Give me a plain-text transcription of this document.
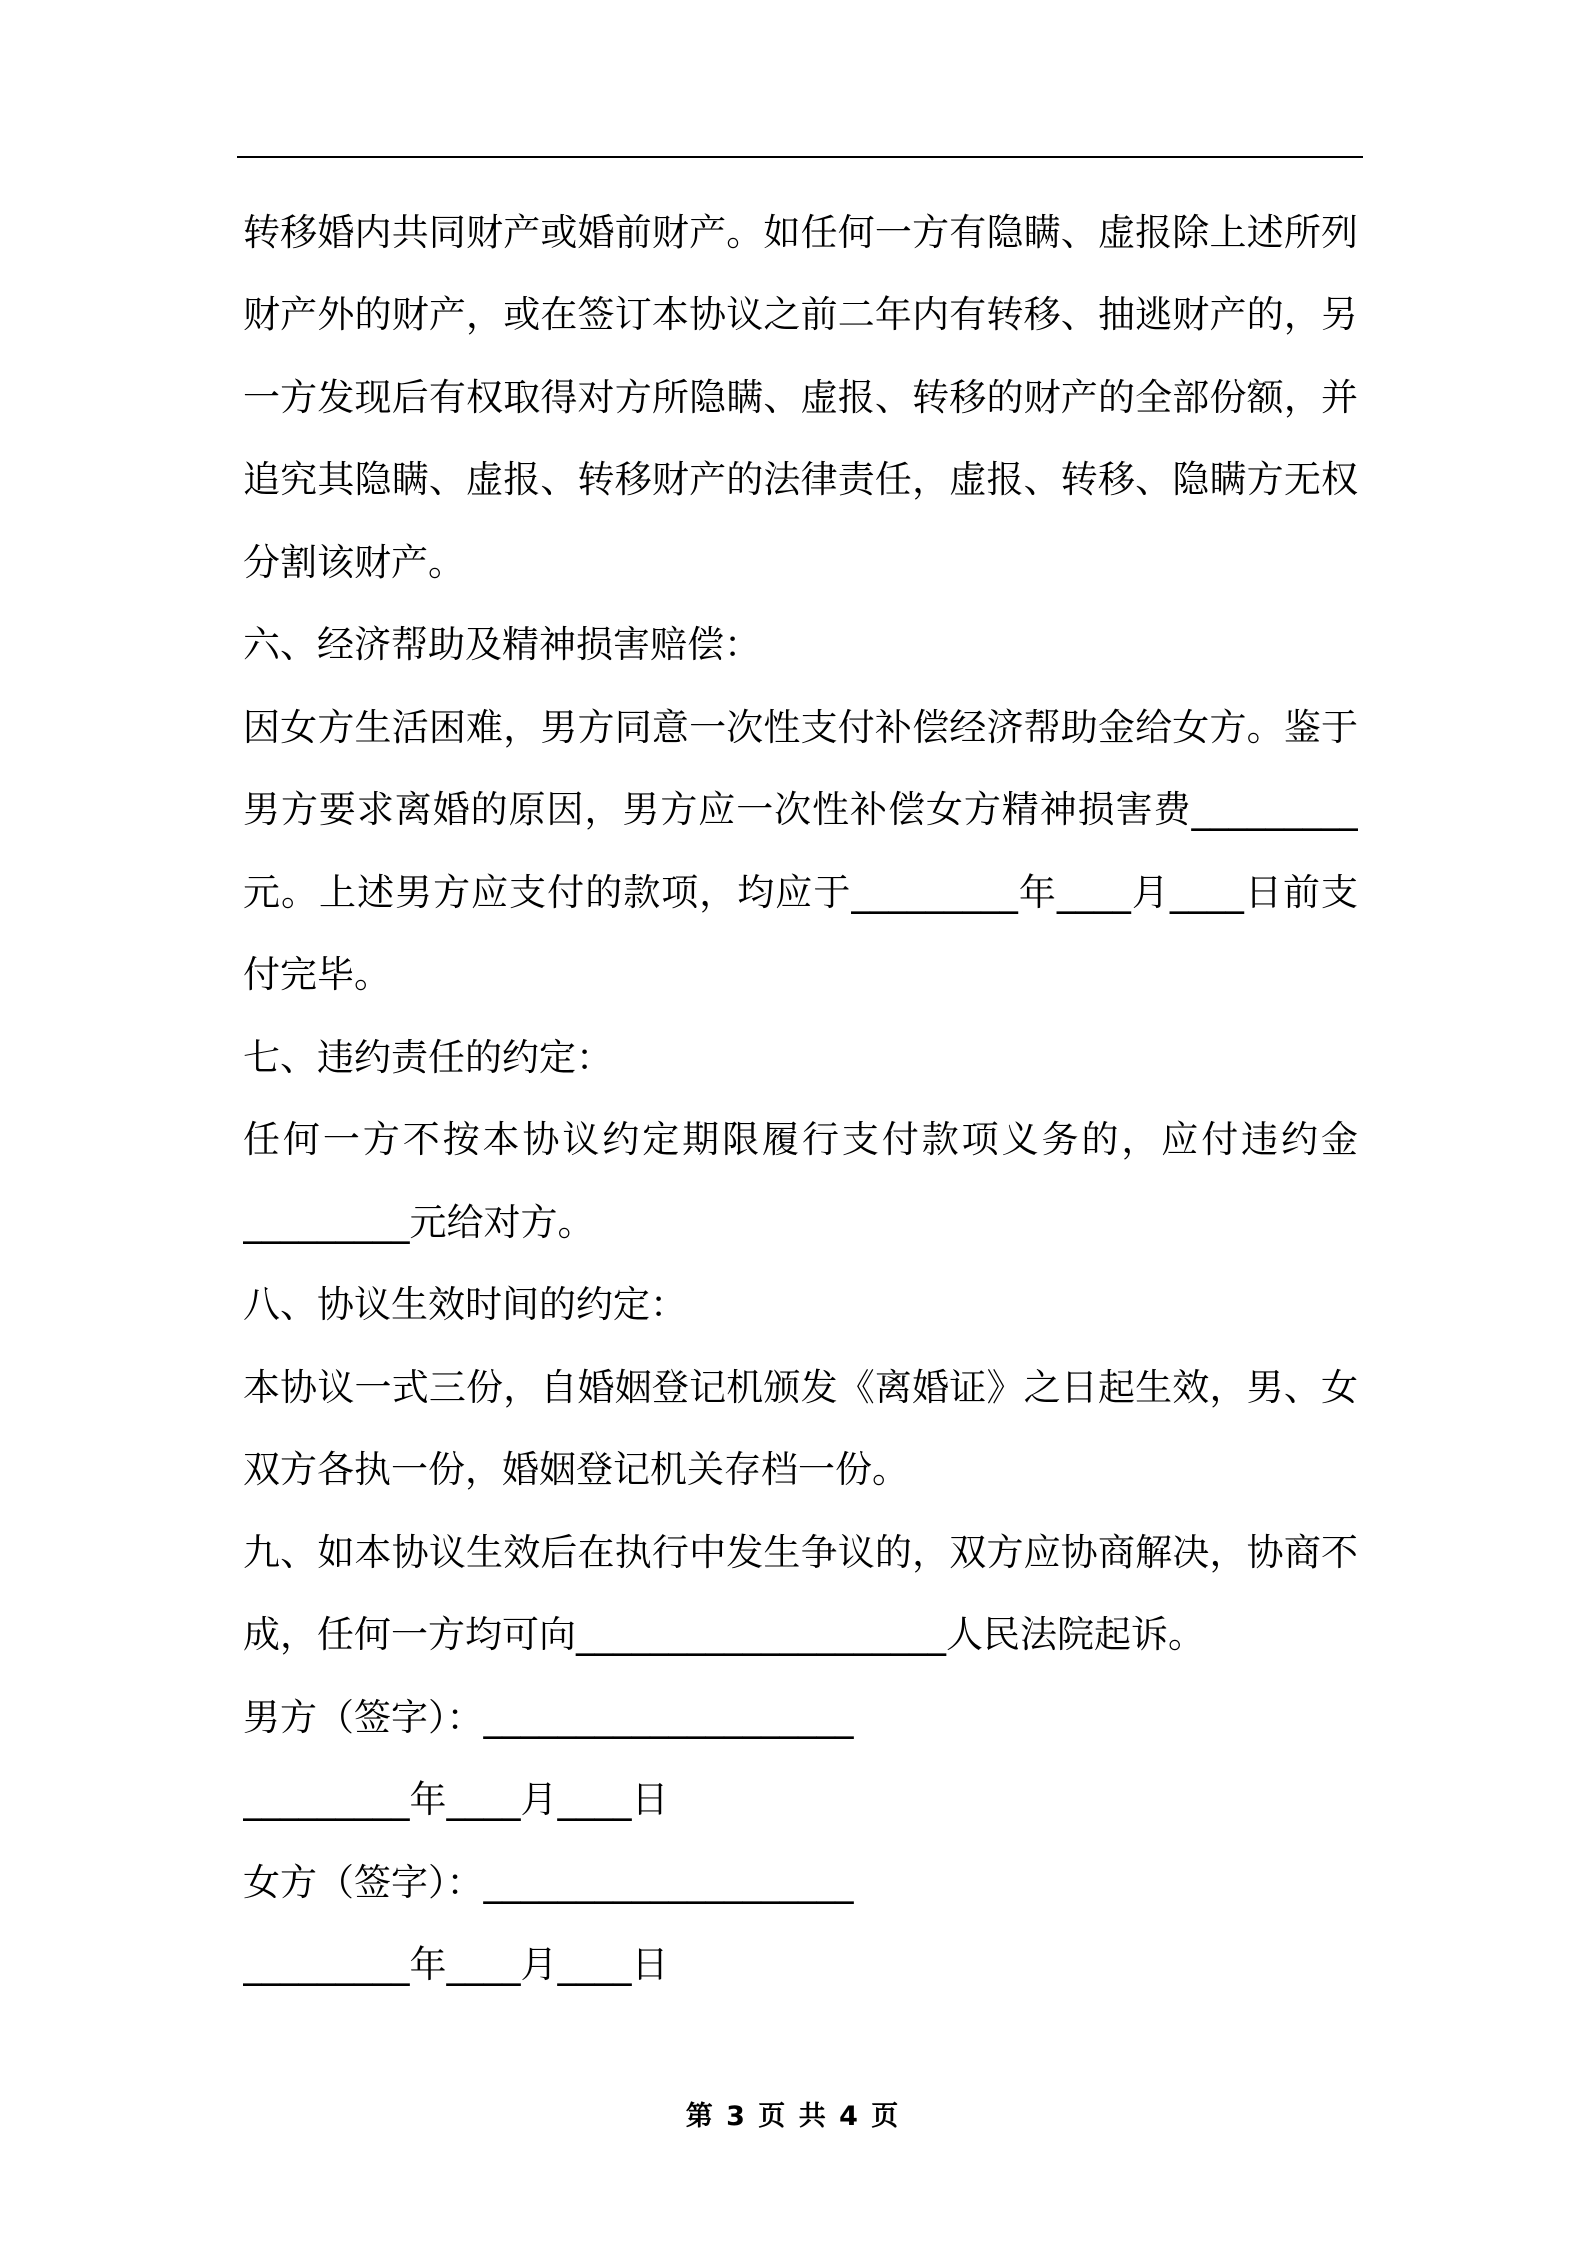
转移婚内共同财产或婚前财产。如任何一方有隐瞒、虚报除上述所列
财产外的财产，或在签订本协议之前二年内有转移、抽逃财产的，另
一方发现后有权取得对方所隐瞒、虚报、转移的财产的全部份额，并
追究其隐瞒、虚报、转移财产的法律责任，虚报、转移、隐瞒方无权
分割该财产。
六、经济帮助及精神损害赔偿：
因女方生活困难，男方同意一次性支付补偿经济帮助金给女方。鉴于
男方要求离婚的原因，男方应一次性补偿女方精神损害费_________
元。上述男方应支付的款项，均应于_________年____月____日前支
付完毕。
七、违约责任的约定：
任何一方不按本协议约定期限履行支付款项义务的，应付违约金
_________元给对方。
八、协议生效时间的约定：
本协议一式三份，自婚姻登记机颁发《离婚证》之日起生效，男、女
双方各执一份，婚姻登记机关存档一份。
九、如本协议生效后在执行中发生争议的，双方应协商解决，协商不
成，任何一方均可向____________________人民法院起诉。
男方（签字）：____________________
_________年____月____日
女方（签字）：____________________
_________年____月____日
第 3 页 共 4 页
